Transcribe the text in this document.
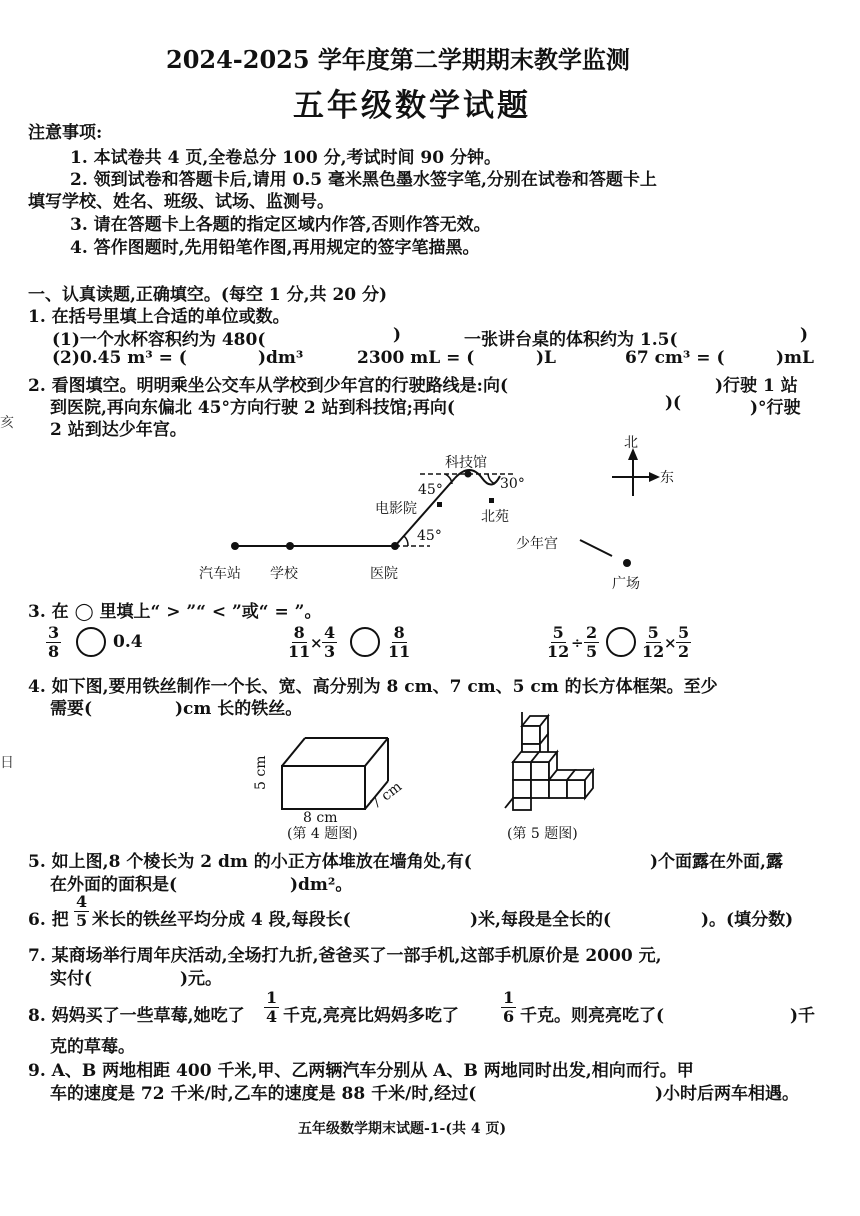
2024-2025 学年度第二学期期末教学监测
五年级数学试题
注意事项:
1. 本试卷共 4 页,全卷总分 100 分,考试时间 90 分钟。
2. 领到试卷和答题卡后,请用 0.5 毫米黑色墨水签字笔,分别在试卷和答题卡上
填写学校、姓名、班级、试场、监测号。
3. 请在答题卡上各题的指定区域内作答,否则作答无效。
4. 答作图题时,先用铅笔作图,再用规定的签字笔描黑。
一、认真读题,正确填空。(每空 1 分,共 20 分)
1. 在括号里填上合适的单位或数。
(1)一个水杯容积约为 480(	)	一张讲台桌的体积约为 1.5(	)
(2)0.45 m³ = (	)dm³	2300 mL = (	)L	67 cm³ = (	)mL
2. 看图填空。明明乘坐公交车从学校到少年宫的行驶路线是:向(	)行驶 1 站
到医院,再向东偏北 45°方向行驶 2 站到科技馆;再向(	)(	)°行驶
2 站到达少年宫。
北
东
科技馆
45°	30°
电影院	北苑
45°	少年宫
汽车站 学校	医院
广场
3. 在 ◯ 里填上“ > ”“ < ”或“ = ”。
$\frac{3}{8}$	0.4	$\frac{8}{11}$
× $\frac{4}{3}$	$\frac{8}{11}$	$\frac{5}{12} \div \frac{2}{5}$	$\frac{5}{12}$
× $\frac{5}{2}$
4. 如下图,要用铁丝制作一个长、宽、高分别为 8 cm、7 cm、5 cm 的长方体框架。至少
需要(	)cm 长的铁丝。
5 cm
8 cm
7 cm
(第 4 题图)	(第 5 题图)
5. 如上图,8 个棱长为 2 dm 的小正方体堆放在墙角处,有(	)个面露在外面,露
在外面的面积是(	)dm²。
6. 把 $\frac{4}{5}$ 米长的铁丝平均分成 4 段,每段长(	)米,每段是全长的(	)。(填分数)
7. 某商场举行周年庆活动,全场打九折,爸爸买了一部手机,这部手机原价是 2000 元,
实付(	)元。
8. 妈妈买了一些草莓,她吃了 $\frac{1}{4}$ 千克,亮亮比妈妈多吃了	$\frac{1}{6}$ 千克。则亮亮吃了(	)千
克的草莓。
9. A、B 两地相距 400 千米,甲、乙两辆汽车分别从 A、B 两地同时出发,相向而行。甲
车的速度是 72 千米/时,乙车的速度是 88 千米/时,经过(	)小时后两车相遇。
五年级数学期末试题-1-(共 4 页)
亥
日
